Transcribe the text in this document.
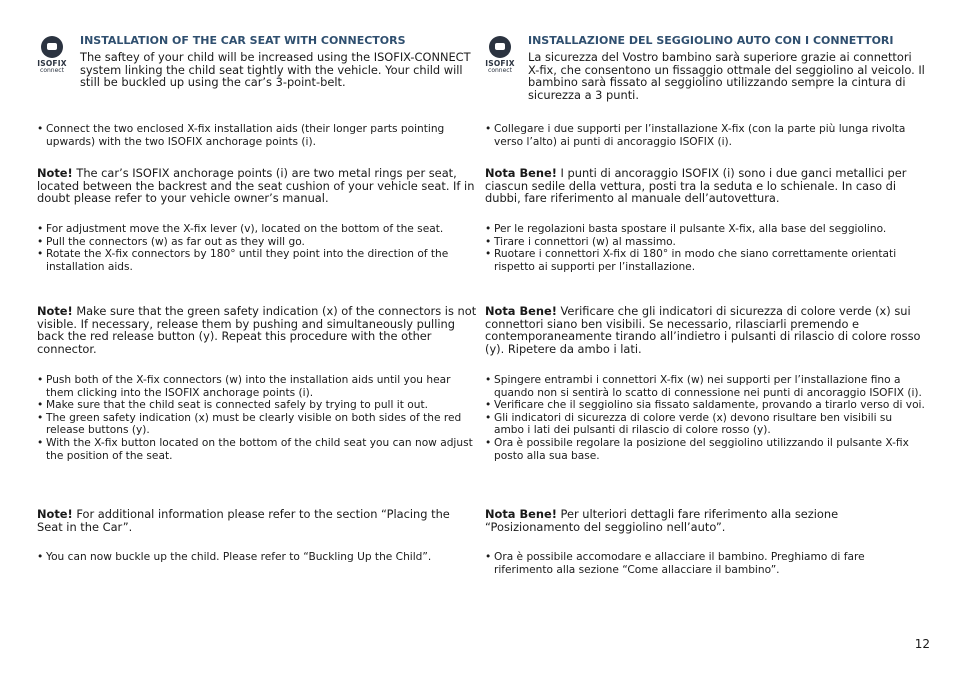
ISOFIX
connect
ISOFIX
connect

INSTALLATION OF THE CAR SEAT WITH CONNECTORS

The saftey of your child will be increased using the ISOFIX-CONNECT system linking the child seat tightly with the vehicle. Your child will still be buckled up using the car’s 3-point-belt.

• Connect the two enclosed X-fix installation aids (their longer parts pointing upwards) with the two ISOFIX anchorage points (i).

Note! The car’s ISOFIX anchorage points (i) are two metal rings per seat, located between the backrest and the seat cushion of your vehicle seat. If in doubt please refer to your vehicle owner’s manual.

• For adjustment move the X-fix lever (v), located on the bottom of the seat.
• Pull the connectors (w) as far out as they will go.
• Rotate the X-fix connectors by 180° until they point into the direction of the installation aids.

Note! Make sure that the green safety indication (x) of the connectors is not visible. If necessary, release them by pushing and simultaneously pulling back the red release button (y). Repeat this procedure with the other connector.

• Push both of the X-fix connectors (w) into the installation aids until you hear them clicking into the ISOFIX anchorage points (i).
• Make sure that the child seat is connected safely by trying to pull it out.
• The green safety indication (x) must be clearly visible on both sides of the red release buttons (y).
• With the X-fix button located on the bottom of the child seat you can now adjust the position of the seat.

Note! For additional information please refer to the section “Placing the Seat in the Car”.

• You can now buckle up the child. Please refer to “Buckling Up the Child”.

INSTALLAZIONE DEL SEGGIOLINO AUTO CON I CONNETTORI

La sicurezza del Vostro bambino sarà superiore grazie ai connettori X-fix, che consentono un fissaggio ottmale del seggiolino al veicolo. Il bambino sarà fissato al seggiolino utilizzando sempre la cintura di sicurezza a 3 punti.

• Collegare i due supporti per l’installazione X-fix (con la parte più lunga rivolta verso l’alto) ai punti di ancoraggio ISOFIX (i).

Nota Bene! I punti di ancoraggio ISOFIX (i) sono i due ganci metallici per ciascun sedile della vettura, posti tra la seduta e lo schienale. In caso di dubbi, fare riferimento al manuale dell’autovettura.

• Per le regolazioni basta spostare il pulsante X-fix, alla base del seggiolino.
• Tirare i connettori (w) al massimo.
• Ruotare i connettori X-fix di 180° in modo che siano correttamente orientati rispetto ai supporti per l’installazione.

Nota Bene! Verificare che gli indicatori di sicurezza di colore verde (x) sui connettori siano ben visibili. Se necessario, rilasciarli premendo e contemporaneamente tirando all’indietro i pulsanti di rilascio di colore rosso (y). Ripetere da ambo i lati.

• Spingere entrambi i connettori X-fix (w) nei supporti per l’installazione fino a quando non si sentirà lo scatto di connessione nei punti di ancoraggio ISOFIX (i).
• Verificare che il seggiolino sia fissato saldamente, provando a tirarlo verso di voi.
• Gli indicatori di sicurezza di colore verde (x) devono risultare ben visibili su ambo i lati dei pulsanti di rilascio di colore rosso (y).
• Ora è possibile regolare la posizione del seggiolino utilizzando il pulsante X-fix posto alla sua base.

Nota Bene! Per ulteriori dettagli fare riferimento alla sezione “Posizionamento del seggiolino nell’auto”.

• Ora è possibile accomodare e allacciare il bambino. Preghiamo di fare riferimento alla sezione “Come allacciare il bambino”.
12
